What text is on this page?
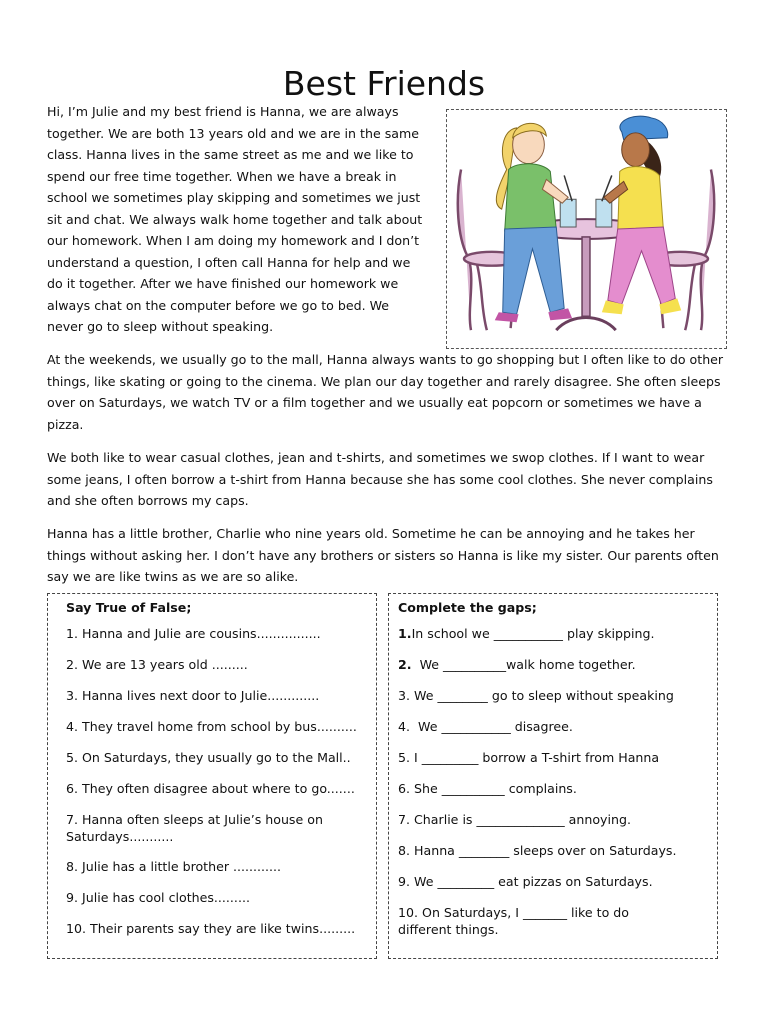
Best Friends

Hi, I’m Julie and my best friend is Hanna, we are always together. We are both 13 years old and we are in the same class. Hanna lives in the same street as me and we like to spend our free time together. When we have a break in school we sometimes play skipping and sometimes we just sit and chat. We always walk home together and talk about our homework. When I am doing my homework and I don’t understand a question, I often call Hanna for help and we do it together. After we have finished our homework we always chat on the computer before we go to bed. We never go to sleep without speaking.

At the weekends, we usually go to the mall, Hanna always wants to go shopping but I often like to do other things, like skating or going to the cinema. We plan our day together and rarely disagree. She often sleeps over on Saturdays, we watch TV or a film together and we usually eat popcorn or sometimes we have a pizza.

We both like to wear casual clothes, jean and t-shirts, and sometimes we swop clothes. If I want to wear some jeans, I often borrow a t-shirt from Hanna because she has some cool clothes. She never complains and she often borrows my caps.

Hanna has a little brother, Charlie who nine years old. Sometime he can be annoying and he takes her things without asking her. I don’t have any brothers or sisters so Hanna is like my sister. Our parents often say we are like twins as we are so alike.

Say True of False;
1. Hanna and Julie are cousins................
2. We are 13 years old .........
3. Hanna lives next door to Julie.............
4. They travel home from school by bus..........
5. On Saturdays, they usually go to the Mall..
6. They often disagree about where to go.......
7. Hanna often sleeps at Julie’s house on Saturdays...........
8. Julie has a little brother ............
9. Julie has cool clothes.........
10. Their parents say they are like twins.........
Complete the gaps;
1.In school we ___________ play skipping.
2.  We __________walk home together.
3. We ________ go to sleep without speaking
4.  We ___________ disagree.
5. I _________ borrow a T-shirt from Hanna
6. She __________ complains.
7. Charlie is ______________ annoying.
8. Hanna ________ sleeps over on Saturdays.
9. We _________ eat pizzas on Saturdays.
10. On Saturdays, I _______ like to do different things.
